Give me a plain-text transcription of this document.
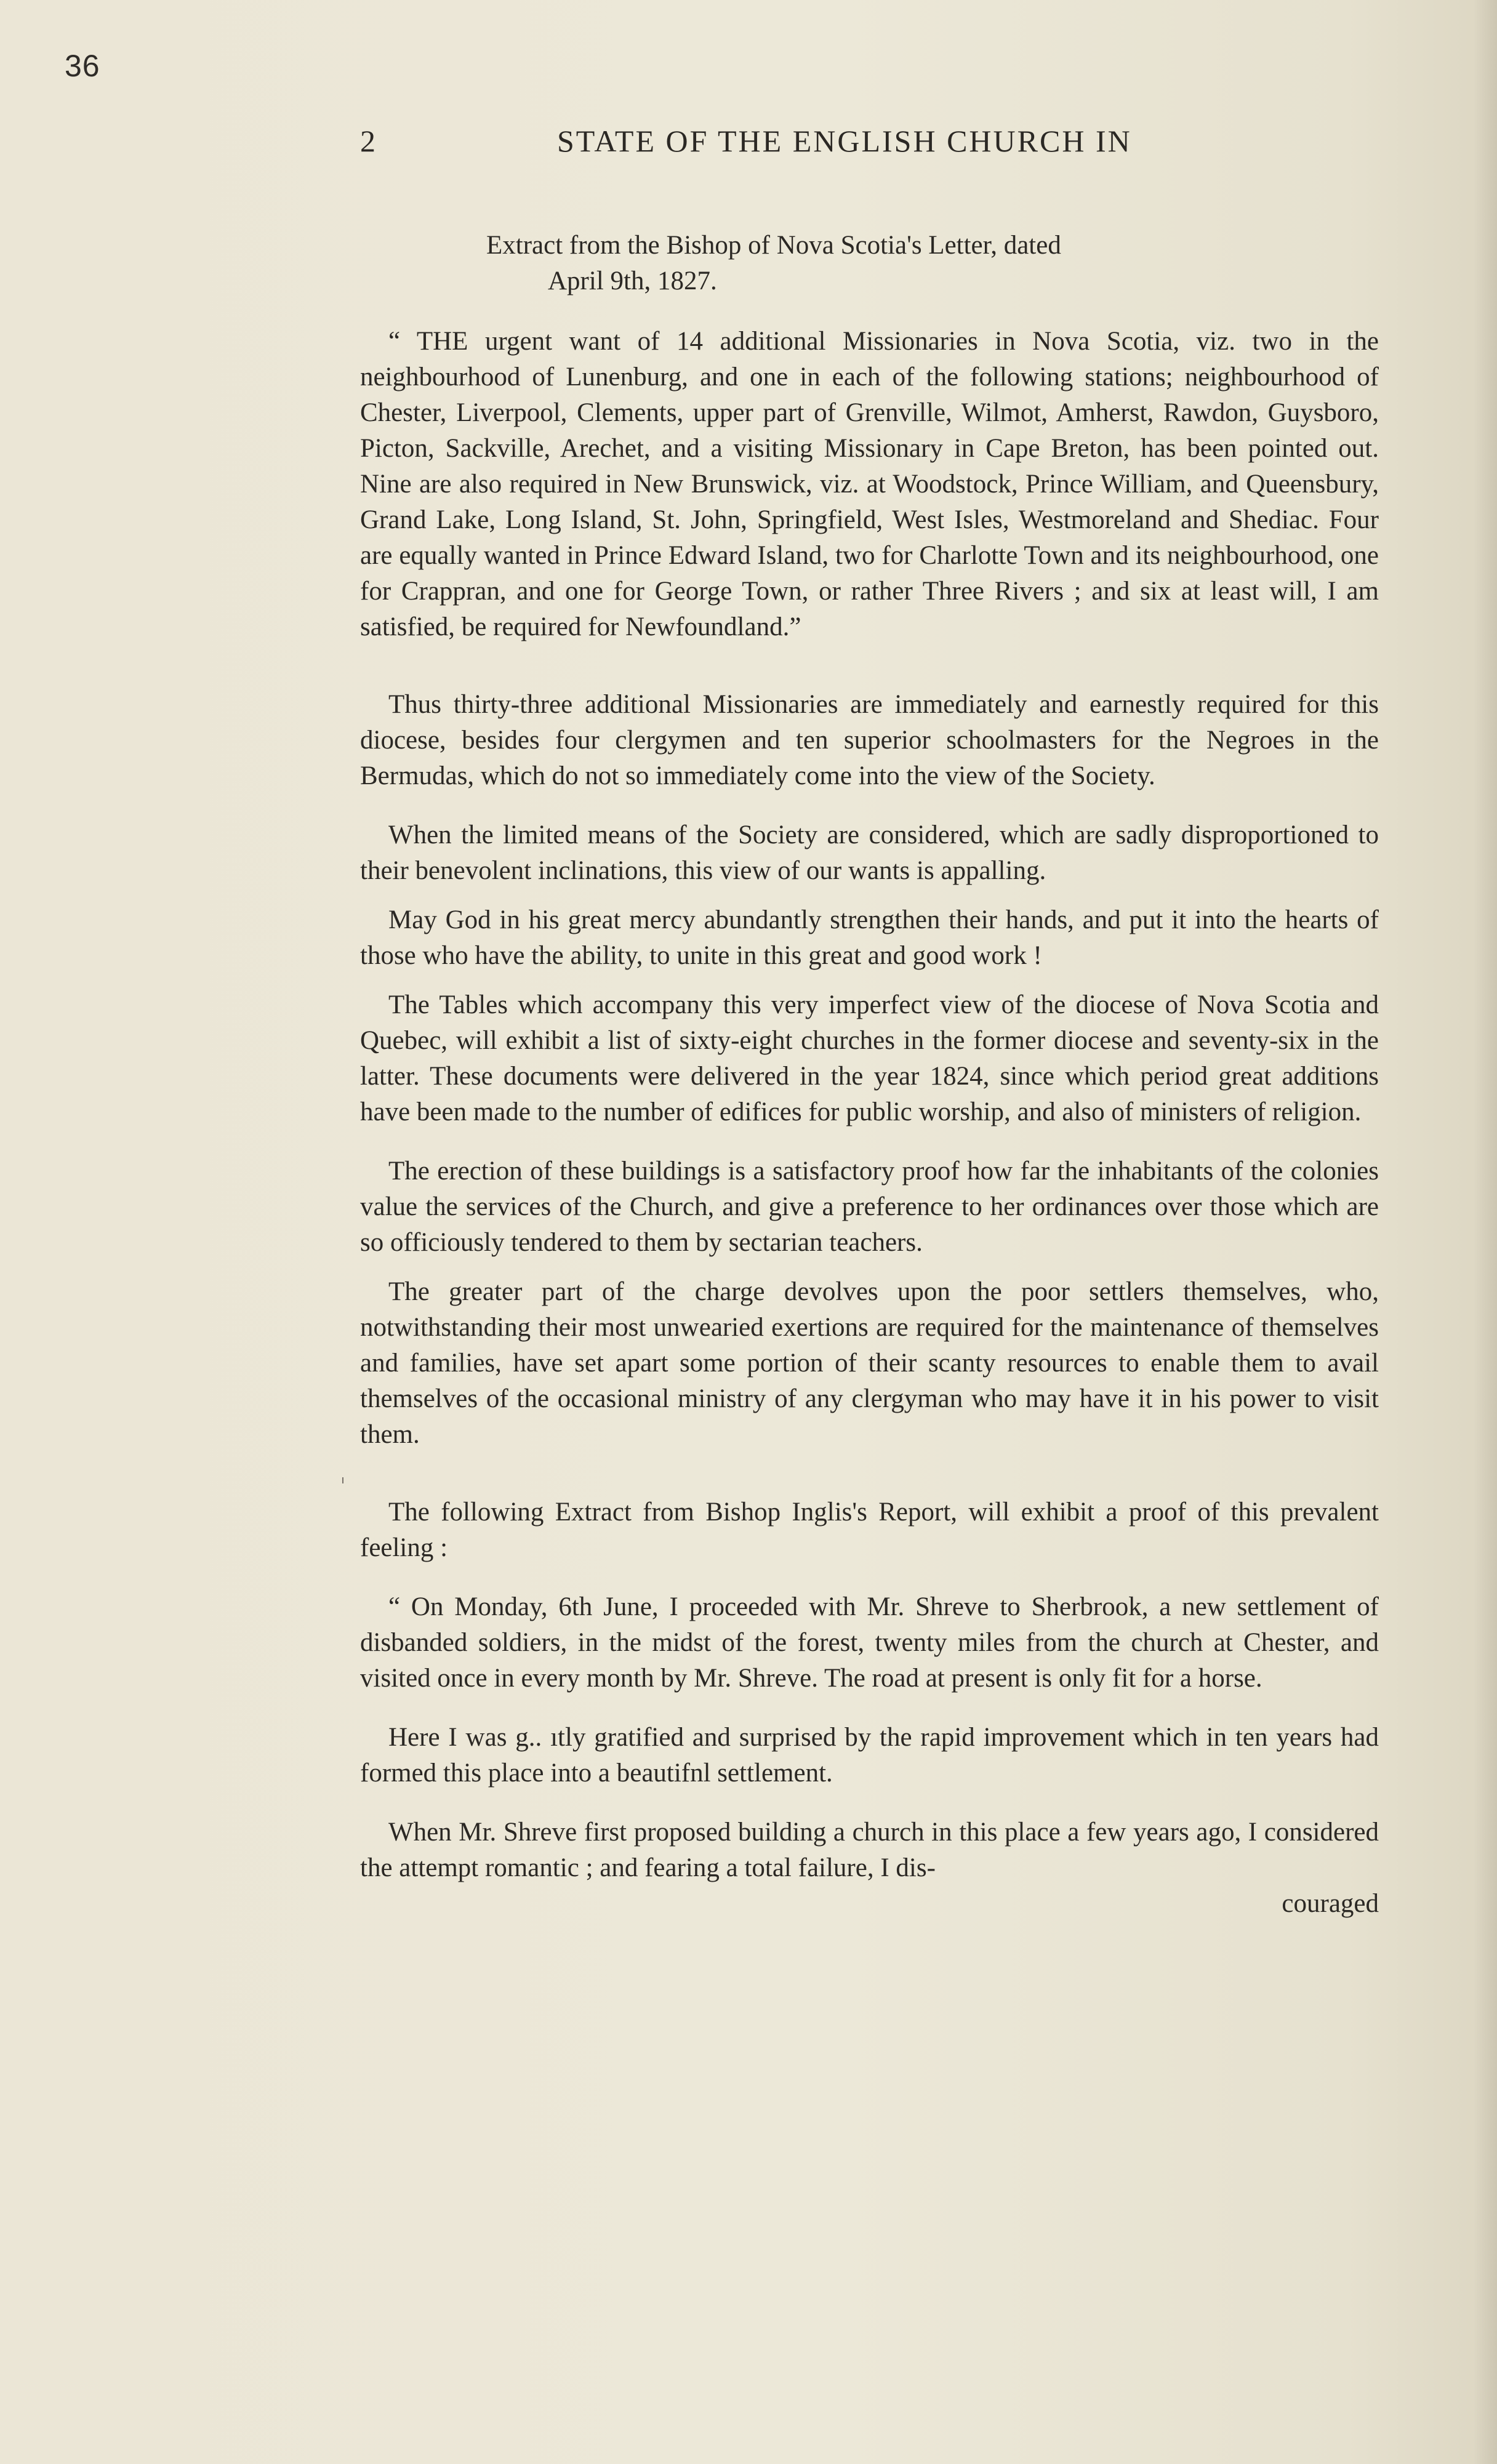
36
2	STATE OF THE ENGLISH CHURCH IN

Extract from the Bishop of Nova Scotia's Letter, dated
April 9th, 1827.

“ THE urgent want of 14 additional Missionaries in Nova Scotia, viz. two in the neighbourhood of Lunenburg, and one in each of the following stations; neighbourhood of Chester, Liverpool, Clements, upper part of Grenville, Wilmot, Amherst, Rawdon, Guysboro, Picton, Sackville, Arechet, and a visiting Missionary in Cape Breton, has been pointed out. Nine are also required in New Brunswick, viz. at Woodstock, Prince William, and Queensbury, Grand Lake, Long Island, St. John, Springfield, West Isles, Westmoreland and Shediac. Four are equally wanted in Prince Edward Island, two for Charlotte Town and its neighbourhood, one for Crappran, and one for George Town, or rather Three Rivers ; and six at least will, I am satisfied, be required for Newfoundland.”

Thus thirty-three additional Missionaries are immediately and earnestly required for this diocese, besides four clergymen and ten superior schoolmasters for the Negroes in the Bermudas, which do not so immediately come into the view of the Society.

When the limited means of the Society are considered, which are sadly disproportioned to their benevolent inclinations, this view of our wants is appalling.

May God in his great mercy abundantly strengthen their hands, and put it into the hearts of those who have the ability, to unite in this great and good work !

The Tables which accompany this very imperfect view of the diocese of Nova Scotia and Quebec, will exhibit a list of sixty-eight churches in the former diocese and seventy-six in the latter. These documents were delivered in the year 1824, since which period great additions have been made to the number of edifices for public worship, and also of ministers of religion.

The erection of these buildings is a satisfactory proof how far the inhabitants of the colonies value the services of the Church, and give a preference to her ordinances over those which are so officiously tendered to them by sectarian teachers.

The greater part of the charge devolves upon the poor settlers themselves, who, notwithstanding their most unwearied exertions are required for the maintenance of themselves and families, have set apart some portion of their scanty resources to enable them to avail themselves of the occasional ministry of any clergyman who may have it in his power to visit them.

The following Extract from Bishop Inglis's Report, will exhibit a proof of this prevalent feeling :

“ On Monday, 6th June, I proceeded with Mr. Shreve to Sherbrook, a new settlement of disbanded soldiers, in the midst of the forest, twenty miles from the church at Chester, and visited once in every month by Mr. Shreve. The road at present is only fit for a horse.

Here I was g.. ıtly gratified and surprised by the rapid improvement which in ten years had formed this place into a beautifnl settlement.

When Mr. Shreve first proposed building a church in this place a few years ago, I considered the attempt romantic ; and fearing a total failure, I dis-

couraged
